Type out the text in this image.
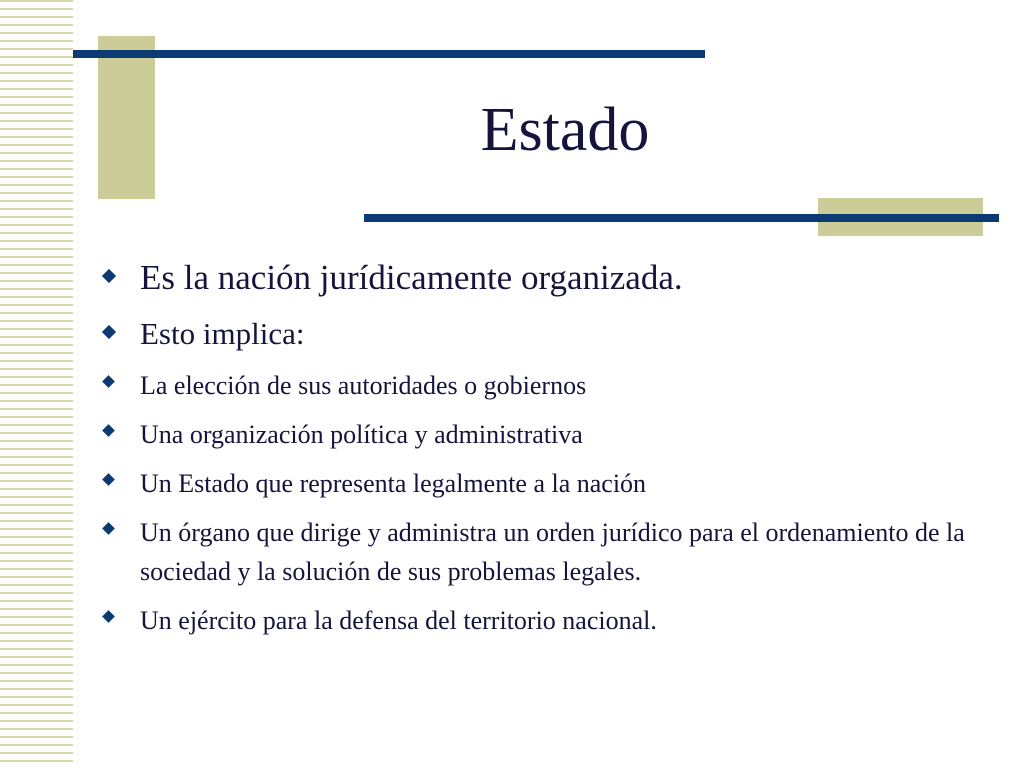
Estado
Es la nación jurídicamente organizada.
Esto implica:
La elección de sus autoridades o gobiernos
Una organización política y administrativa
Un Estado que representa legalmente a la nación
Un órgano que dirige y administra un orden jurídico para el ordenamiento de la sociedad y la solución de sus problemas legales.
Un ejército para la defensa del territorio nacional.
